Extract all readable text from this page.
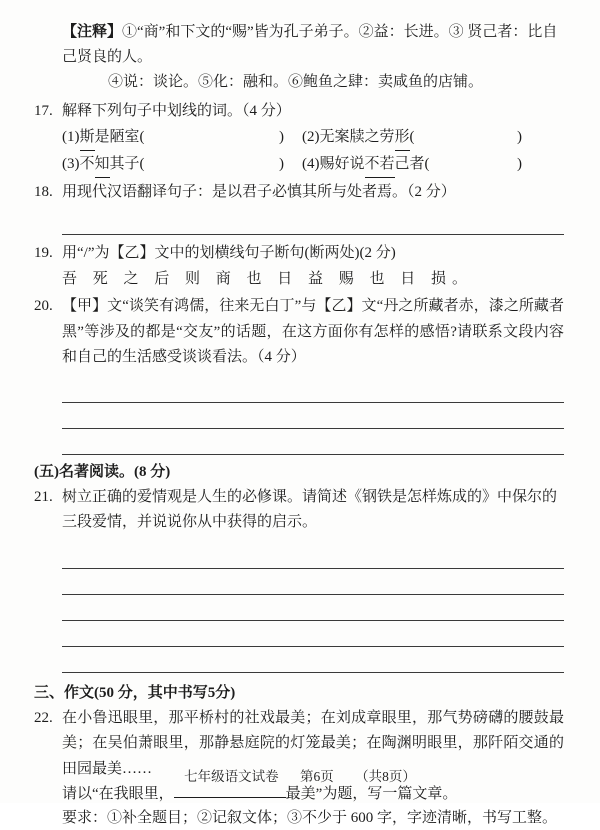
【注释】①“商”和下文的“赐”皆为孔子弟子。②益：长进。③ 贤己者：比自己贤良的人。
④说：谈论。⑤化：融和。⑥鲍鱼之肆：卖咸鱼的店铺。
17. 解释下列句子中划线的词。（4 分）
(1) 斯 是陋室(	) (2)无案牍之劳 形 (	)
(3)不 知 其子(	) (4)赐好说 不若 己者(	)
18. 用现代汉语翻译句子：是以君子必慎其所与处者焉。（2 分）
19. 用“/”为【乙】文中的划横线句子断句(断两处)(2 分)
吾 死 之 后 则 商 也 日 益 赐 也 日 损。
20. 【甲】文“谈笑有鸿儒，往来无白丁”与【乙】文“丹之所藏者赤，漆之所藏者黑”等涉及的都是“交友”的话题，在这方面你有怎样的感悟?请联系文段内容和自己的生活感受谈谈看法。（4 分）
(五)名著阅读。(8 分)
21. 树立正确的爱情观是人生的必修课。请简述《钢铁是怎样炼成的》中保尔的三段爱情，并说说你从中获得的启示。
三、作文(50 分，其中书写5分)
22. 在小鲁迅眼里，那平桥村的社戏最美；在刘成章眼里，那气势磅礴的腰鼓最美；在吴伯萧眼里，那静悬庭院的灯笼最美；在陶渊明眼里，那阡陌交通的田园最美……
请以“在我眼里，	最美”为题，写一篇文章。
要求：①补全题目；②记叙文体；③不少于 600 字，字迹清晰，书写工整。
七年级语文试卷 第6页 （共8页）
